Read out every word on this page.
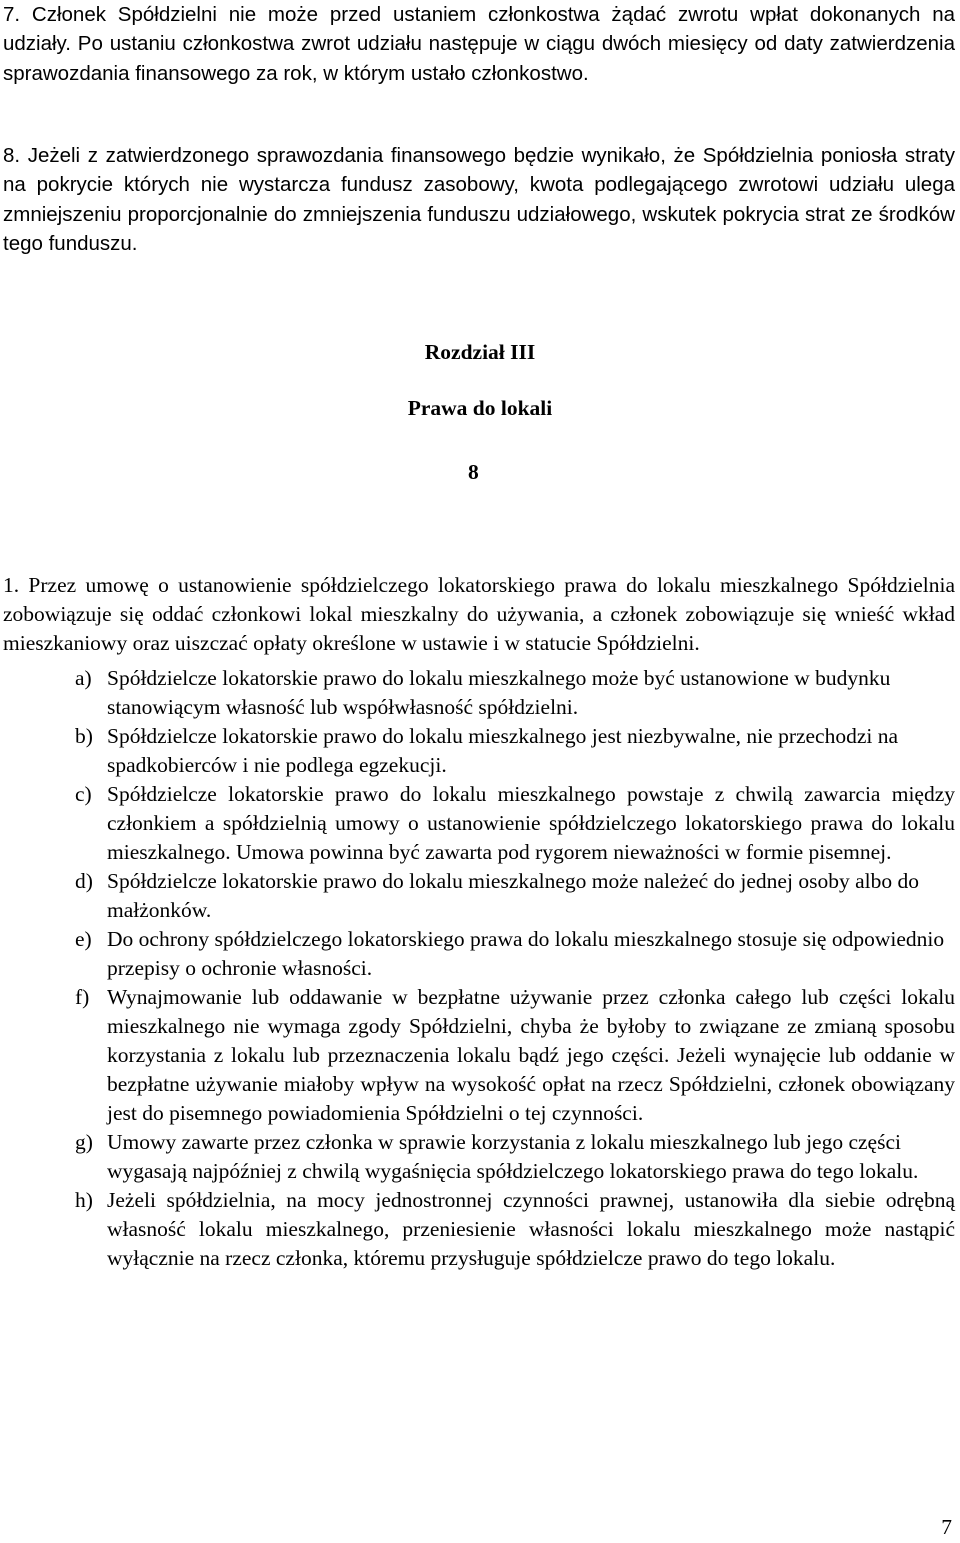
7. Członek Spółdzielni nie może przed ustaniem członkostwa żądać zwrotu wpłat dokonanych na udziały. Po ustaniu członkostwa zwrot udziału następuje w ciągu dwóch miesięcy od daty zatwierdzenia sprawozdania finansowego za rok, w którym ustało członkostwo.

8. Jeżeli z zatwierdzonego sprawozdania finansowego będzie wynikało, że Spółdzielnia poniosła straty na pokrycie których nie wystarcza fundusz zasobowy, kwota podlegającego zwrotowi udziału ulega zmniejszeniu proporcjonalnie do zmniejszenia funduszu udziałowego, wskutek pokrycia strat ze środków tego funduszu.

Rozdział III
Prawa do lokali
8

1. Przez umowę o ustanowienie spółdzielczego lokatorskiego prawa do lokalu mieszkalnego Spółdzielnia zobowiązuje się oddać członkowi lokal mieszkalny do używania, a członek zobowiązuje się wnieść wkład mieszkaniowy oraz uiszczać opłaty określone w ustawie i w statucie Spółdzielni.

a) Spółdzielcze lokatorskie prawo do lokalu mieszkalnego może być ustanowione w budynku stanowiącym własność lub współwłasność spółdzielni.
b) Spółdzielcze lokatorskie prawo do lokalu mieszkalnego jest niezbywalne, nie przechodzi na spadkobierców i nie podlega egzekucji.
c) Spółdzielcze lokatorskie prawo do lokalu mieszkalnego powstaje z chwilą zawarcia między członkiem a spółdzielnią umowy o ustanowienie spółdzielczego lokatorskiego prawa do lokalu mieszkalnego. Umowa powinna być zawarta pod rygorem nieważności w formie pisemnej.
d) Spółdzielcze lokatorskie prawo do lokalu mieszkalnego może należeć do jednej osoby albo do małżonków.
e) Do ochrony spółdzielczego lokatorskiego prawa do lokalu mieszkalnego stosuje się odpowiednio przepisy o ochronie własności.
f) Wynajmowanie lub oddawanie w bezpłatne używanie przez członka całego lub części lokalu mieszkalnego nie wymaga zgody Spółdzielni, chyba że byłoby to związane ze zmianą sposobu korzystania z lokalu lub przeznaczenia lokalu bądź jego części. Jeżeli wynajęcie lub oddanie w bezpłatne używanie miałoby wpływ na wysokość opłat na rzecz Spółdzielni, członek obowiązany jest do pisemnego powiadomienia Spółdzielni o tej czynności.
g) Umowy zawarte przez członka w sprawie korzystania z lokalu mieszkalnego lub jego części wygasają najpóźniej z chwilą wygaśnięcia spółdzielczego lokatorskiego prawa do tego lokalu.
h) Jeżeli spółdzielnia, na mocy jednostronnej czynności prawnej, ustanowiła dla siebie odrębną własność lokalu mieszkalnego, przeniesienie własności lokalu mieszkalnego może nastąpić wyłącznie na rzecz członka, któremu przysługuje spółdzielcze prawo do tego lokalu.
7
